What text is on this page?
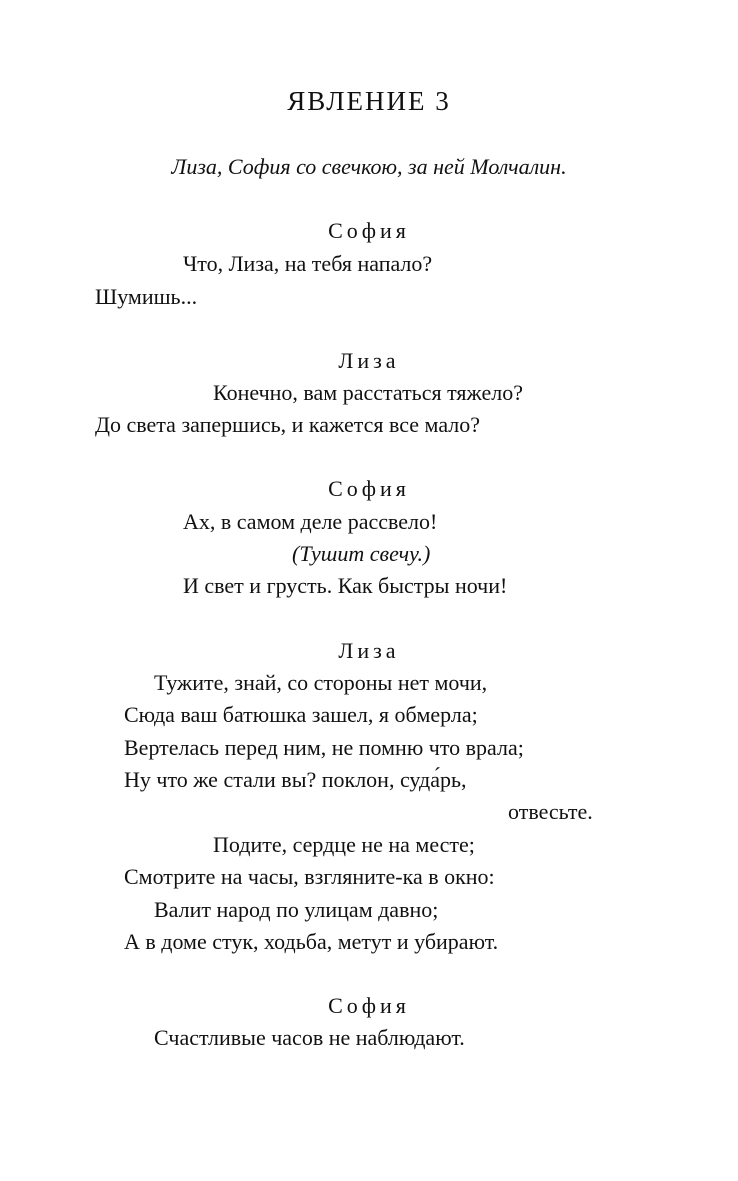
ЯВЛЕНИЕ 3
Лиза, София со свечкою, за ней Молчалин.
София
Что, Лиза, на тебя напало?
Шумишь...
Лиза
Конечно, вам расстаться тяжело?
До света запершись, и кажется все мало?
София
Ах, в самом деле рассвело!
(Тушит свечу.)
И свет и грусть. Как быстры ночи!
Лиза
Тужите, знай, со стороны нет мочи,
Сюда ваш батюшка зашел, я обмерла;
Вертелась перед ним, не помню что врала;
Ну что же стали вы? поклон, суда́рь,
отвесьте.
Подите, сердце не на месте;
Смотрите на часы, взгляните-ка в окно:
Валит народ по улицам давно;
А в доме стук, ходьба, метут и убирают.
София
Счастливые часов не наблюдают.
